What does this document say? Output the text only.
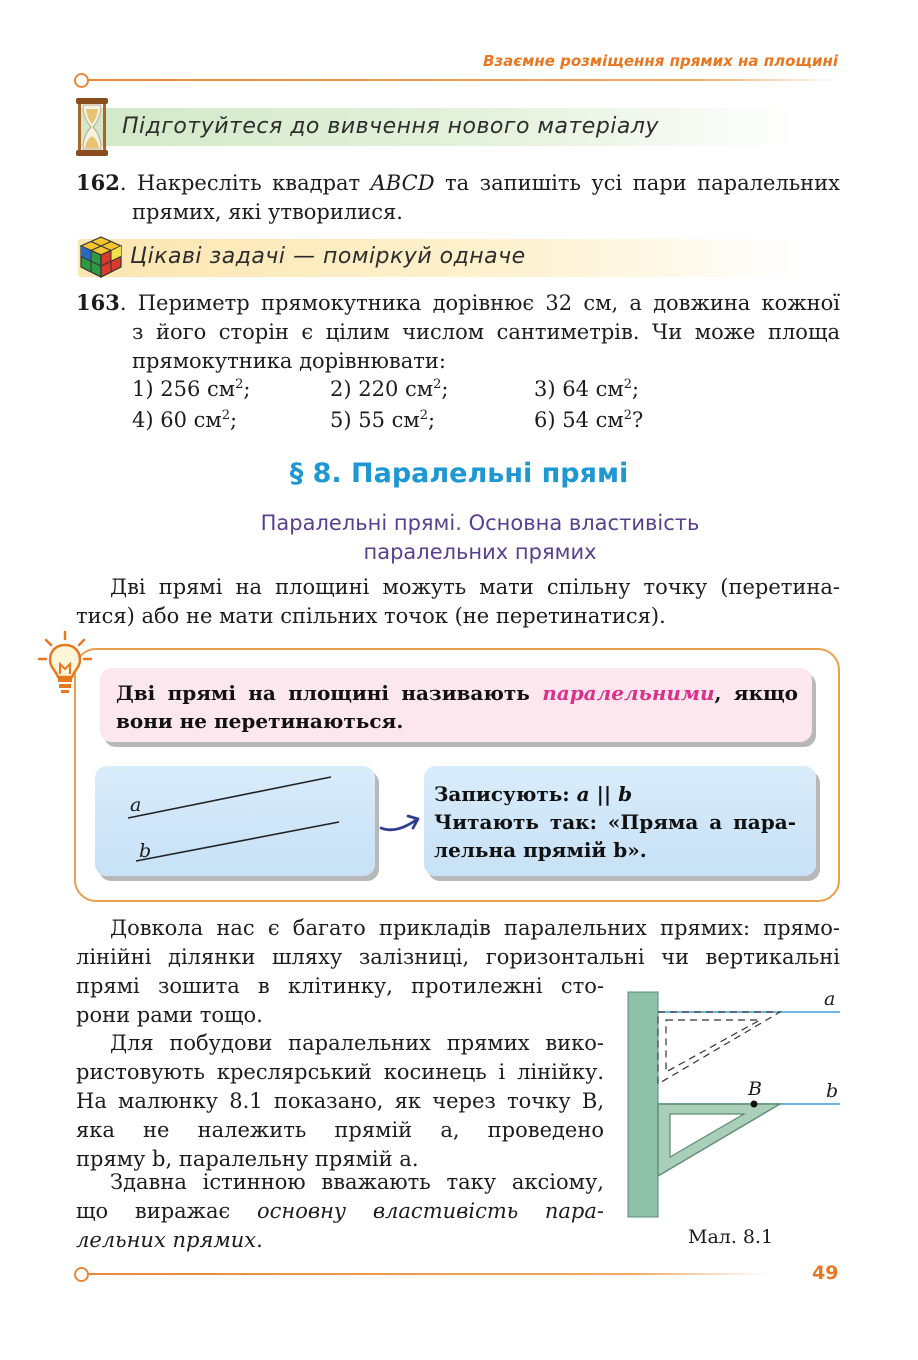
Взаємне розміщення прямих на площині
Підготуйтеся до вивчення нового матеріалу
162. Накресліть квадрат ABCD та запишіть усі пари паралельних
прямих, які утворилися.
Цікаві задачі — поміркуй одначе
163. Периметр прямокутника дорівнює 32 см, а довжина кожної
з його сторін є цілим числом сантиметрів. Чи може площа
прямокутника дорівнювати:
1) 256 $см^2$;	2) 220 $см^2$;	3) 64 $см^2$;
4) 60 $см^2$;	5) 55 $см^2$;	6) 54 $см^2$?
§ 8. Паралельні прямі
Паралельні прямі. Основна властивість
паралельних прямих
Дві прямі на площині можуть мати спільну точку (перетина-
тися) або не мати спільних точок (не перетинатися).
Дві прямі на площині називають паралельними, якщо
вони не перетинаються.
a
b
Записують: a || b
Читають так: «Пряма a пара-
лельна прямій b».
Довкола нас є багато прикладів паралельних прямих: прямо-
лінійні ділянки шляху залізниці, горизонтальні чи вертикальні
прямі зошита в клітинку, протилежні сто-
рони рами тощо.
Для побудови паралельних прямих вико-
ристовують креслярський косинець і лінійку.
На малюнку 8.1 показано, як через точку B,
яка не належить прямій a, проведено
пряму b, паралельну прямій a.
Здавна істинною вважають таку аксіому,
що виражає основну властивість пара-
лельних прямих.
a
b
B
Мал. 8.1
49
